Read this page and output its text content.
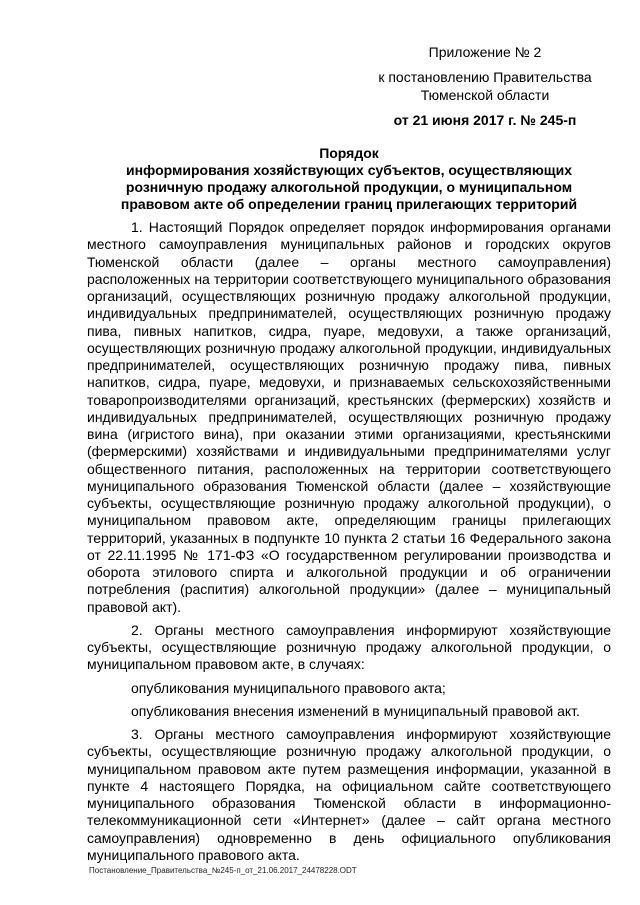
Приложение № 2
к постановлению Правительства
Тюменской области
от 21 июня 2017 г. № 245-п
Порядок
информирования хозяйствующих субъектов, осуществляющих
розничную продажу алкогольной продукции, о муниципальном
правовом акте об определении границ прилегающих территорий

1. Настоящий Порядок определяет порядок информирования органами местного самоуправления муниципальных районов и городских округов Тюменской области (далее – органы местного самоуправления) расположенных на территории соответствующего муниципального образования организаций, осуществляющих розничную продажу алкогольной продукции, индивидуальных предпринимателей, осуществляющих розничную продажу пива, пивных напитков, сидра, пуаре, медовухи, а также организаций, осуществляющих розничную продажу алкогольной продукции, индивидуальных предпринимателей, осуществляющих розничную продажу пива, пивных напитков, сидра, пуаре, медовухи, и признаваемых сельскохозяйственными товаропроизводителями организаций, крестьянских (фермерских) хозяйств и индивидуальных предпринимателей, осуществляющих розничную продажу вина (игристого вина), при оказании этими организациями, крестьянскими (фермерскими) хозяйствами и индивидуальными предпринимателями услуг общественного питания, расположенных на территории соответствующего муниципального образования Тюменской области (далее – хозяйствующие субъекты, осуществляющие розничную продажу алкогольной продукции), о муниципальном правовом акте, определяющим границы прилегающих территорий, указанных в подпункте 10 пункта 2 статьи 16 Федерального закона от 22.11.1995 № 171-ФЗ «О государственном регулировании производства и оборота этилового спирта и алкогольной продукции и об ограничении потребления (распития) алкогольной продукции» (далее – муниципальный правовой акт).

2. Органы местного самоуправления информируют хозяйствующие субъекты, осуществляющие розничную продажу алкогольной продукции, о муниципальном правовом акте, в случаях:

опубликования муниципального правового акта;

опубликования внесения изменений в муниципальный правовой акт.

3. Органы местного самоуправления информируют хозяйствующие субъекты, осуществляющие розничную продажу алкогольной продукции, о муниципальном правовом акте путем размещения информации, указанной в пункте 4 настоящего Порядка, на официальном сайте соответствующего муниципального образования Тюменской области в информационно-телекоммуникационной сети «Интернет» (далее – сайт органа местного самоуправления) одновременно в день официального опубликования муниципального правового акта.

Постановление_Правительства_№245-п_от_21.06.2017_24478228.ODT
